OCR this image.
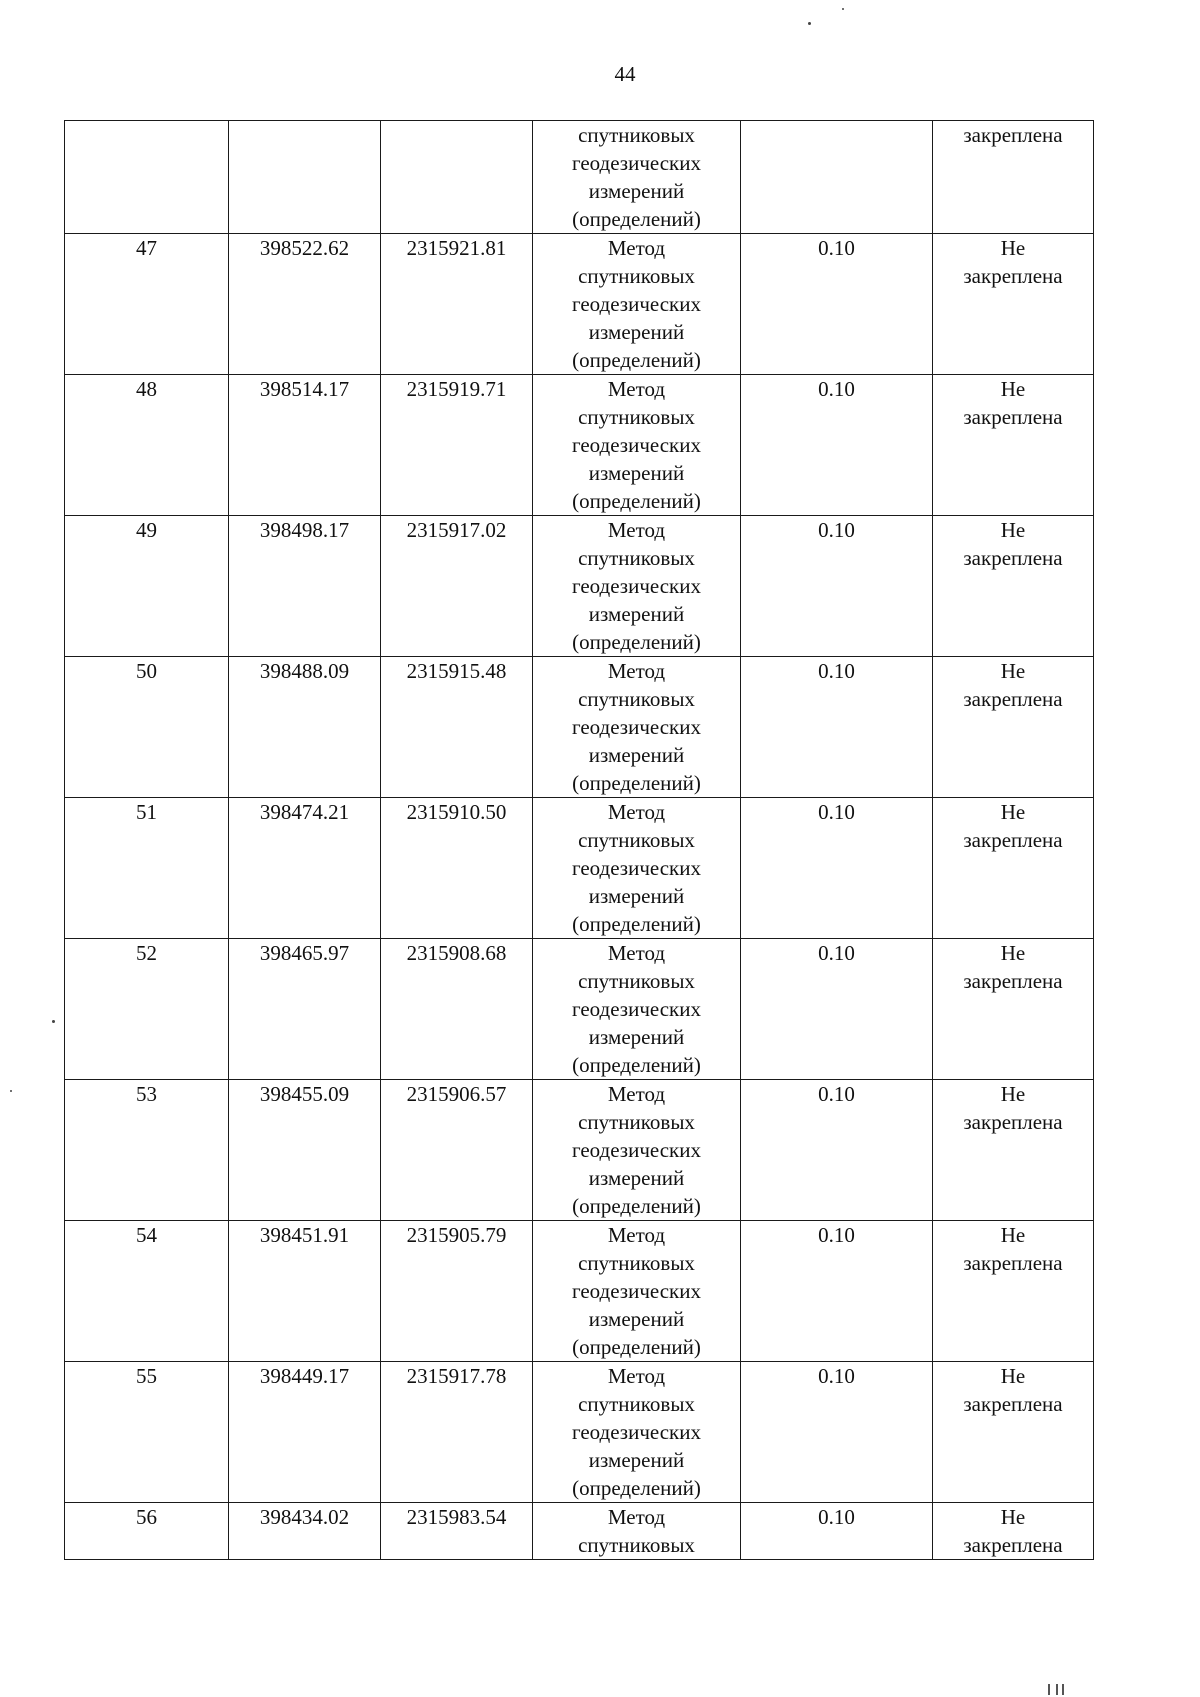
44
			спутниковых
геодезических
измерений
(определений)		закреплена
47	398522.62	2315921.81	Метод
спутниковых
геодезических
измерений
(определений)	0.10	Не
закреплена
48	398514.17	2315919.71	Метод
спутниковых
геодезических
измерений
(определений)	0.10	Не
закреплена
49	398498.17	2315917.02	Метод
спутниковых
геодезических
измерений
(определений)	0.10	Не
закреплена
50	398488.09	2315915.48	Метод
спутниковых
геодезических
измерений
(определений)	0.10	Не
закреплена
51	398474.21	2315910.50	Метод
спутниковых
геодезических
измерений
(определений)	0.10	Не
закреплена
52	398465.97	2315908.68	Метод
спутниковых
геодезических
измерений
(определений)	0.10	Не
закреплена
53	398455.09	2315906.57	Метод
спутниковых
геодезических
измерений
(определений)	0.10	Не
закреплена
54	398451.91	2315905.79	Метод
спутниковых
геодезических
измерений
(определений)	0.10	Не
закреплена
55	398449.17	2315917.78	Метод
спутниковых
геодезических
измерений
(определений)	0.10	Не
закреплена
56	398434.02	2315983.54	Метод
спутниковых	0.10	Не
закреплена
